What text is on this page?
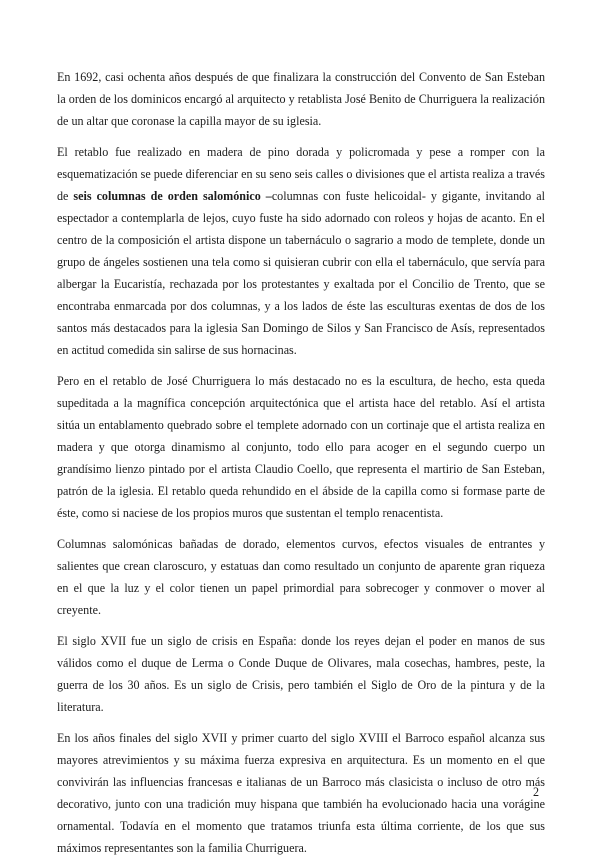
En 1692, casi ochenta años después de que finalizara la construcción del Convento de San Esteban la orden de los dominicos encargó al arquitecto y retablista José Benito de Churriguera la realización de un altar que coronase la capilla mayor de su iglesia.

El retablo fue realizado en madera de pino dorada y policromada y pese a romper con la esquematización se puede diferenciar en su seno seis calles o divisiones que el artista realiza a través de seis columnas de orden salomónico –columnas con fuste helicoidal- y gigante, invitando al espectador a contemplarla de lejos, cuyo fuste ha sido adornado con roleos y hojas de acanto. En el centro de la composición el artista dispone un tabernáculo o sagrario a modo de templete, donde un grupo de ángeles sostienen una tela como si quisieran cubrir con ella el tabernáculo, que servía para albergar la Eucaristía, rechazada por los protestantes y exaltada por el Concilio de Trento, que se encontraba enmarcada por dos columnas, y a los lados de éste las esculturas exentas de dos de los santos más destacados para la iglesia San Domingo de Silos y San Francisco de Asís, representados en actitud comedida sin salirse de sus hornacinas.

Pero en el retablo de José Churriguera lo más destacado no es la escultura, de hecho, esta queda supeditada a la magnífica concepción arquitectónica que el artista hace del retablo. Así el artista sitúa un entablamento quebrado sobre el templete adornado con un cortinaje que el artista realiza en madera y que otorga dinamismo al conjunto, todo ello para acoger en el segundo cuerpo un grandísimo lienzo pintado por el artista Claudio Coello, que representa el martirio de San Esteban, patrón de la iglesia. El retablo queda rehundido en el ábside de la capilla como si formase parte de éste, como si naciese de los propios muros que sustentan el templo renacentista.

Columnas salomónicas bañadas de dorado, elementos curvos, efectos visuales de entrantes y salientes que crean claroscuro, y estatuas dan como resultado un conjunto de aparente gran riqueza en el que la luz y el color tienen un papel primordial para sobrecoger y conmover o mover al creyente.

El siglo XVII fue un siglo de crisis en España: donde los reyes dejan el poder en manos de sus válidos como el duque de Lerma o Conde Duque de Olivares, mala cosechas, hambres, peste, la guerra de los 30 años. Es un siglo de Crisis, pero también el Siglo de Oro de la pintura y de la literatura.

En los años finales del siglo XVII y primer cuarto del siglo XVIII el Barroco español alcanza sus mayores atrevimientos y su máxima fuerza expresiva en arquitectura. Es un momento en el que convivirán las influencias francesas e italianas de un Barroco más clasicista o incluso de otro más decorativo, junto con una tradición muy hispana que también ha evolucionado hacia una vorágine ornamental. Todavía en el momento que tratamos triunfa esta última corriente, de los que sus máximos representantes son la familia Churriguera.

2
